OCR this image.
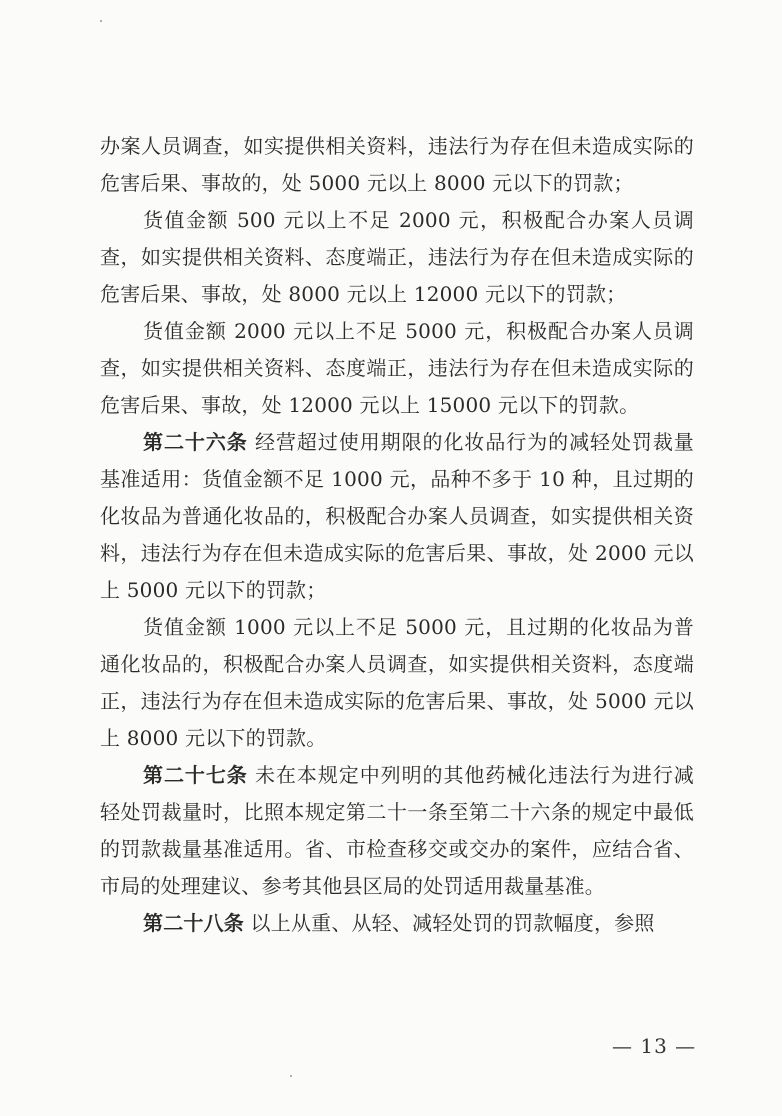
办案人员调查，如实提供相关资料，违法行为存在但未造成实际的危害后果、事故的，处 5000 元以上 8000 元以下的罚款；

货值金额 500 元以上不足 2000 元，积极配合办案人员调查，如实提供相关资料、态度端正，违法行为存在但未造成实际的危害后果、事故，处 8000 元以上 12000 元以下的罚款；

货值金额 2000 元以上不足 5000 元，积极配合办案人员调查，如实提供相关资料、态度端正，违法行为存在但未造成实际的危害后果、事故，处 12000 元以上 15000 元以下的罚款。

第二十六条 经营超过使用期限的化妆品行为的减轻处罚裁量基准适用：货值金额不足 1000 元，品种不多于 10 种，且过期的化妆品为普通化妆品的，积极配合办案人员调查，如实提供相关资料，违法行为存在但未造成实际的危害后果、事故，处 2000 元以上 5000 元以下的罚款；

货值金额 1000 元以上不足 5000 元，且过期的化妆品为普通化妆品的，积极配合办案人员调查，如实提供相关资料，态度端正，违法行为存在但未造成实际的危害后果、事故，处 5000 元以上 8000 元以下的罚款。

第二十七条 未在本规定中列明的其他药械化违法行为进行减轻处罚裁量时，比照本规定第二十一条至第二十六条的规定中最低的罚款裁量基准适用。省、市检查移交或交办的案件，应结合省、市局的处理建议、参考其他县区局的处罚适用裁量基准。

第二十八条 以上从重、从轻、减轻处罚的罚款幅度，参照

— 13 —
